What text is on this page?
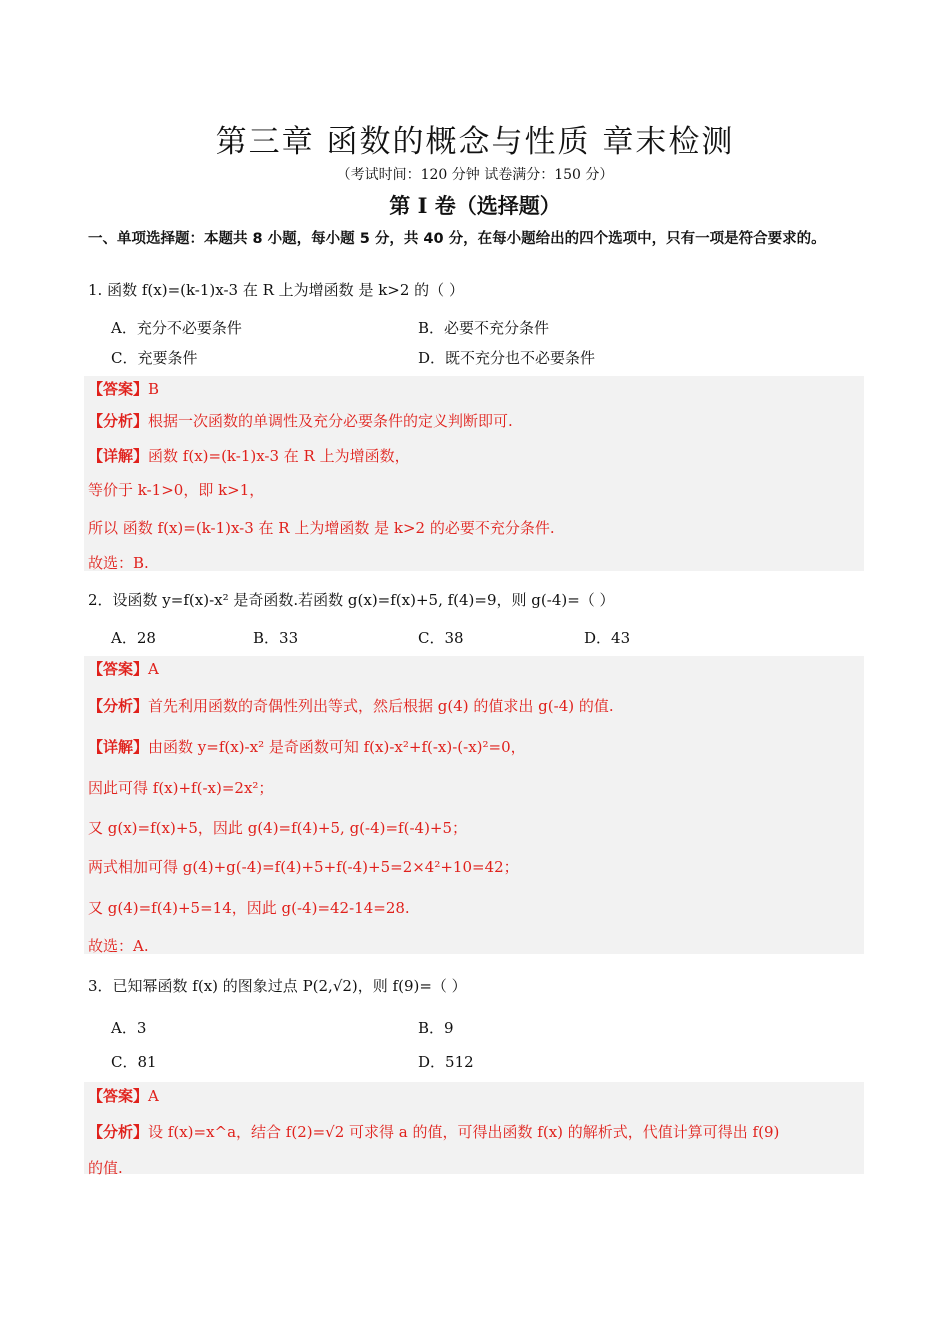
第三章 函数的概念与性质 章末检测
（考试时间：120 分钟 试卷满分：150 分）
第 I 卷（选择题）
一、单项选择题：本题共 8 小题，每小题 5 分，共 40 分，在每小题给出的四个选项中，只有一项是符合要求的。
1. 函数 f(x)=(k-1)x-3 在 R 上为增函数 是 k>2 的（ ）
A．充分不必要条件	B．必要不充分条件
C．充要条件	D．既不充分也不必要条件
【答案】B
【分析】根据一次函数的单调性及充分必要条件的定义判断即可.
【详解】函数 f(x)=(k-1)x-3 在 R 上为增函数，
等价于 k-1>0，即 k>1，
所以 函数 f(x)=(k-1)x-3 在 R 上为增函数 是 k>2 的必要不充分条件.
故选：B.
2．设函数 y=f(x)-x² 是奇函数.若函数 g(x)=f(x)+5, f(4)=9，则 g(-4)=（ ）
A．28	B．33	C．38	D．43
【答案】A
【分析】首先利用函数的奇偶性列出等式，然后根据 g(4) 的值求出 g(-4) 的值.
【详解】由函数 y=f(x)-x² 是奇函数可知 f(x)-x²+f(-x)-(-x)²=0，
因此可得 f(x)+f(-x)=2x²；
又 g(x)=f(x)+5，因此 g(4)=f(4)+5, g(-4)=f(-4)+5；
两式相加可得 g(4)+g(-4)=f(4)+5+f(-4)+5=2×4²+10=42；
又 g(4)=f(4)+5=14，因此 g(-4)=42-14=28.
故选：A.
3．已知幂函数 f(x) 的图象过点 P(2,√2)，则 f(9)=（ ）
A．3	B．9
C．81	D．512
【答案】A
【分析】设 f(x)=x^a，结合 f(2)=√2 可求得 a 的值，可得出函数 f(x) 的解析式，代值计算可得出 f(9)
的值.
